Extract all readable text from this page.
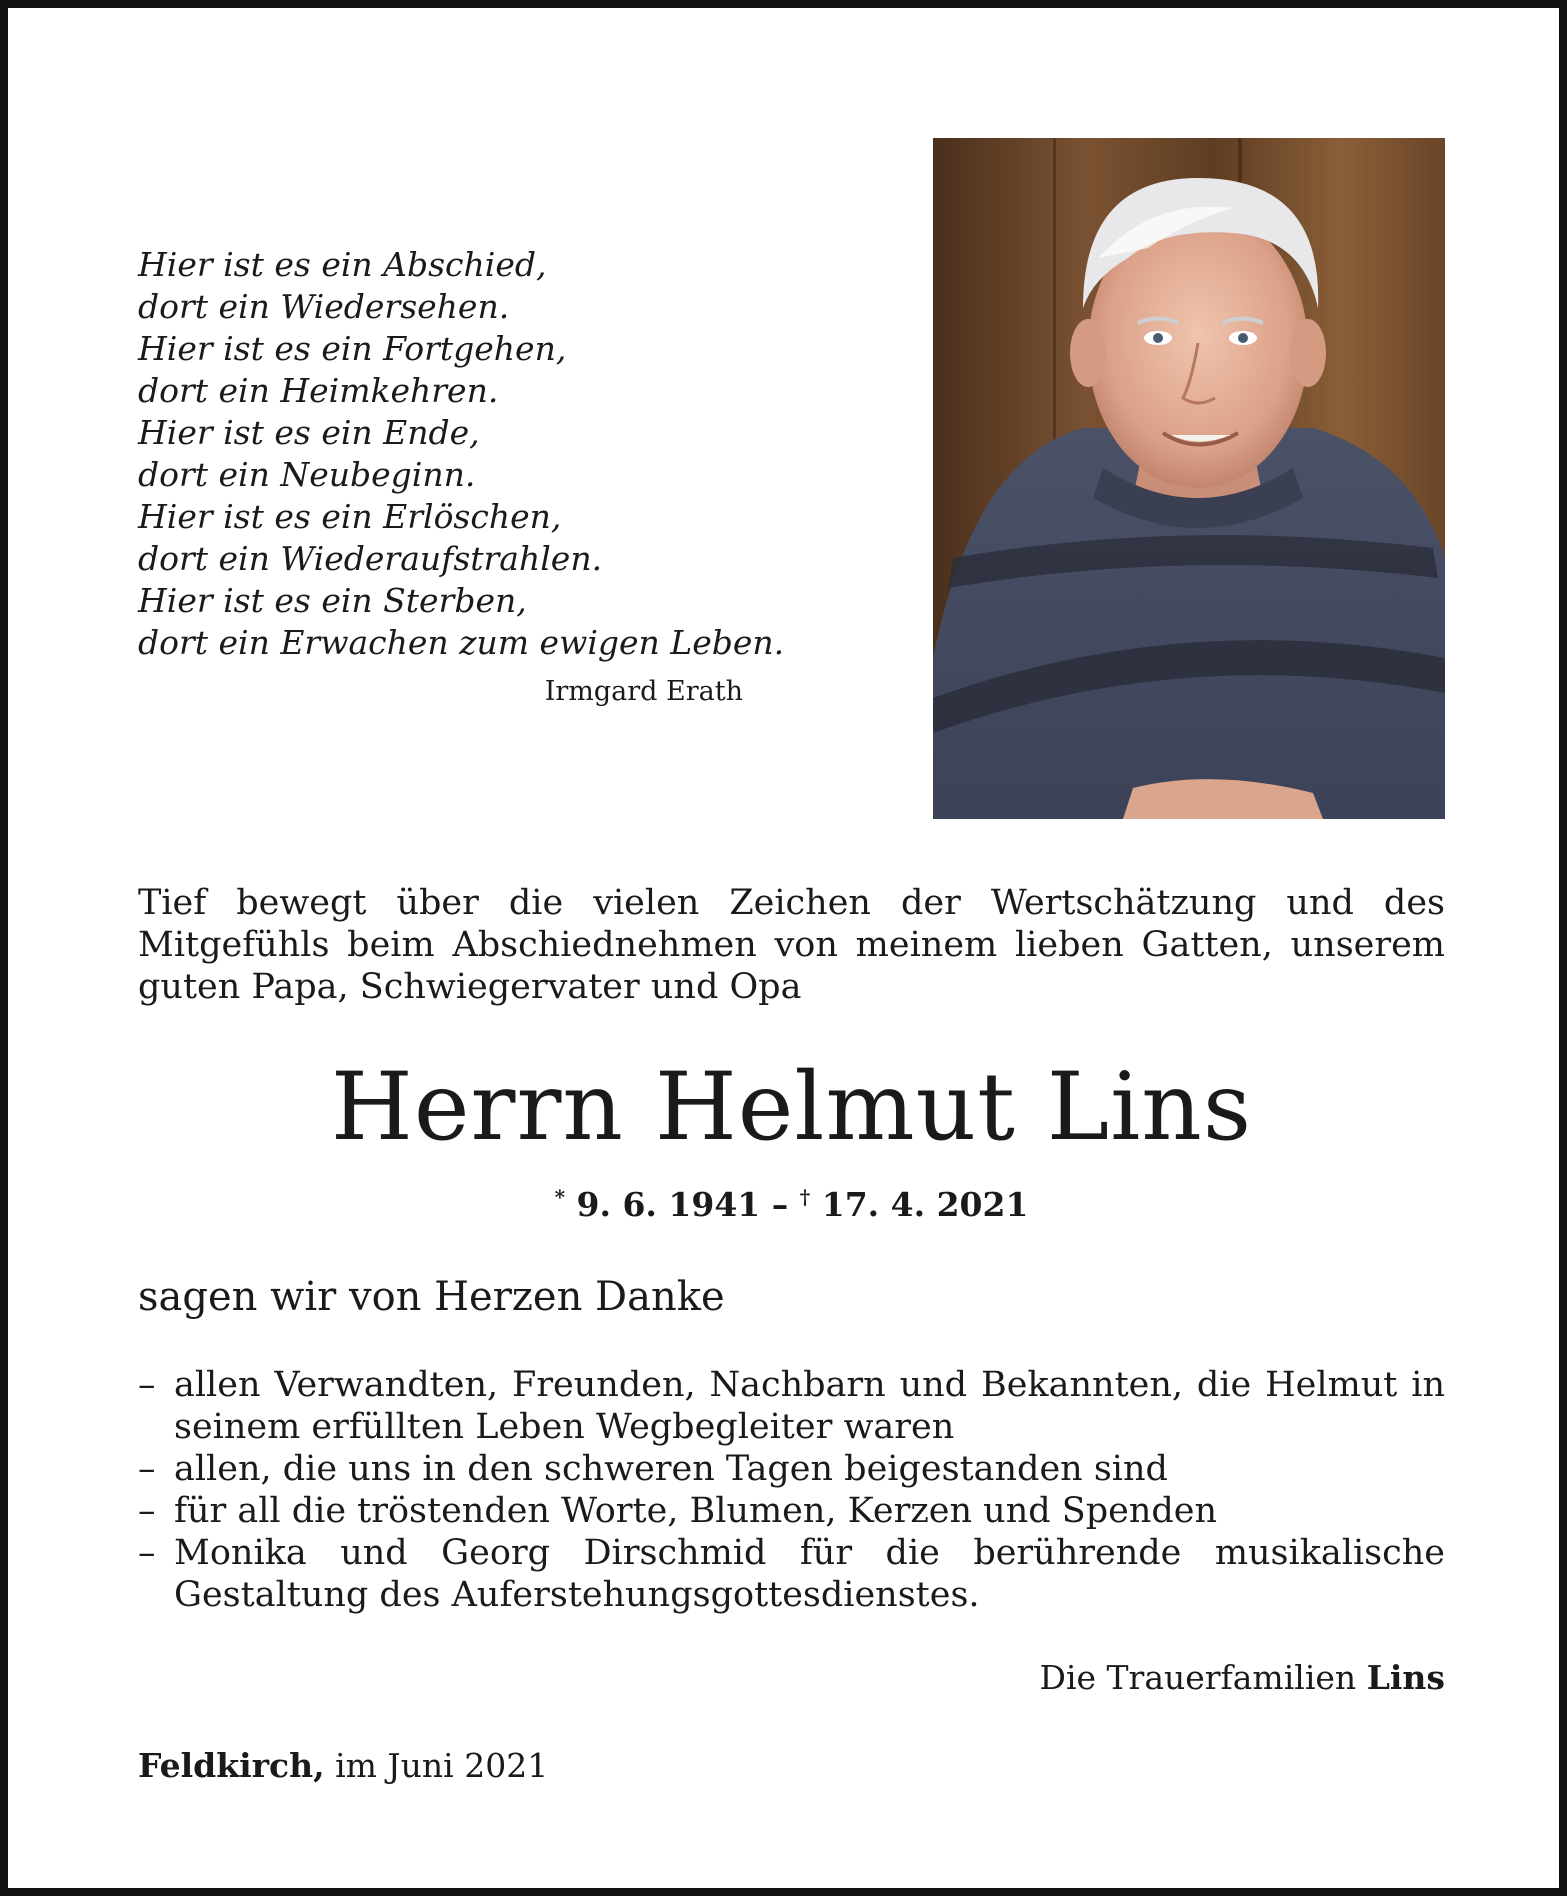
Hier ist es ein Abschied,
dort ein Wiedersehen.
Hier ist es ein Fortgehen,
dort ein Heimkehren.
Hier ist es ein Ende,
dort ein Neubeginn.
Hier ist es ein Erlöschen,
dort ein Wiederaufstrahlen.
Hier ist es ein Sterben,
dort ein Erwachen zum ewigen Leben.
Irmgard Erath
Tief bewegt über die vielen Zeichen der Wertschätzung und des Mitgefühls beim Abschiednehmen von meinem lieben Gatten, unserem guten Papa, Schwiegervater und Opa
Herrn Helmut Lins
* 9. 6. 1941 – † 17. 4. 2021
sagen wir von Herzen Danke
– allen Verwandten, Freunden, Nachbarn und Bekannten, die Helmut in seinem erfüllten Leben Wegbegleiter waren
– allen, die uns in den schweren Tagen beigestanden sind
– für all die tröstenden Worte, Blumen, Kerzen und Spenden
– Monika und Georg Dirschmid für die berührende musikalische Gestaltung des Auferstehungsgottesdienstes.
Die Trauerfamilien Lins
Feldkirch, im Juni 2021
